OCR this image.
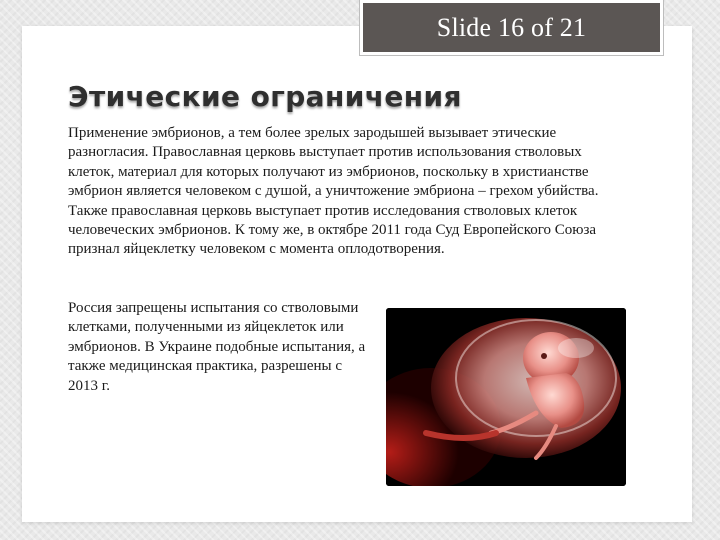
Slide 16 of 21
Этические ограничения

Применение эмбрионов, а тем более зрелых зародышей вызывает этические разногласия. Православная церковь выступает против использования стволовых клеток, материал для которых получают из эмбрионов, поскольку в христианстве эмбрион является человеком с душой, а уничтожение эмбриона – грехом убийства. Также православная церковь выступает против исследования стволовых клеток человеческих эмбрионов. К тому же, в октябре 2011 года Суд Европейского Союза признал яйцеклетку человеком с момента оплодотворения.

Россия запрещены испытания со стволовыми клетками, полученными из яйцеклеток или эмбрионов. В Украине подобные испытания, а также медицинская практика, разрешены с 2013 г.
